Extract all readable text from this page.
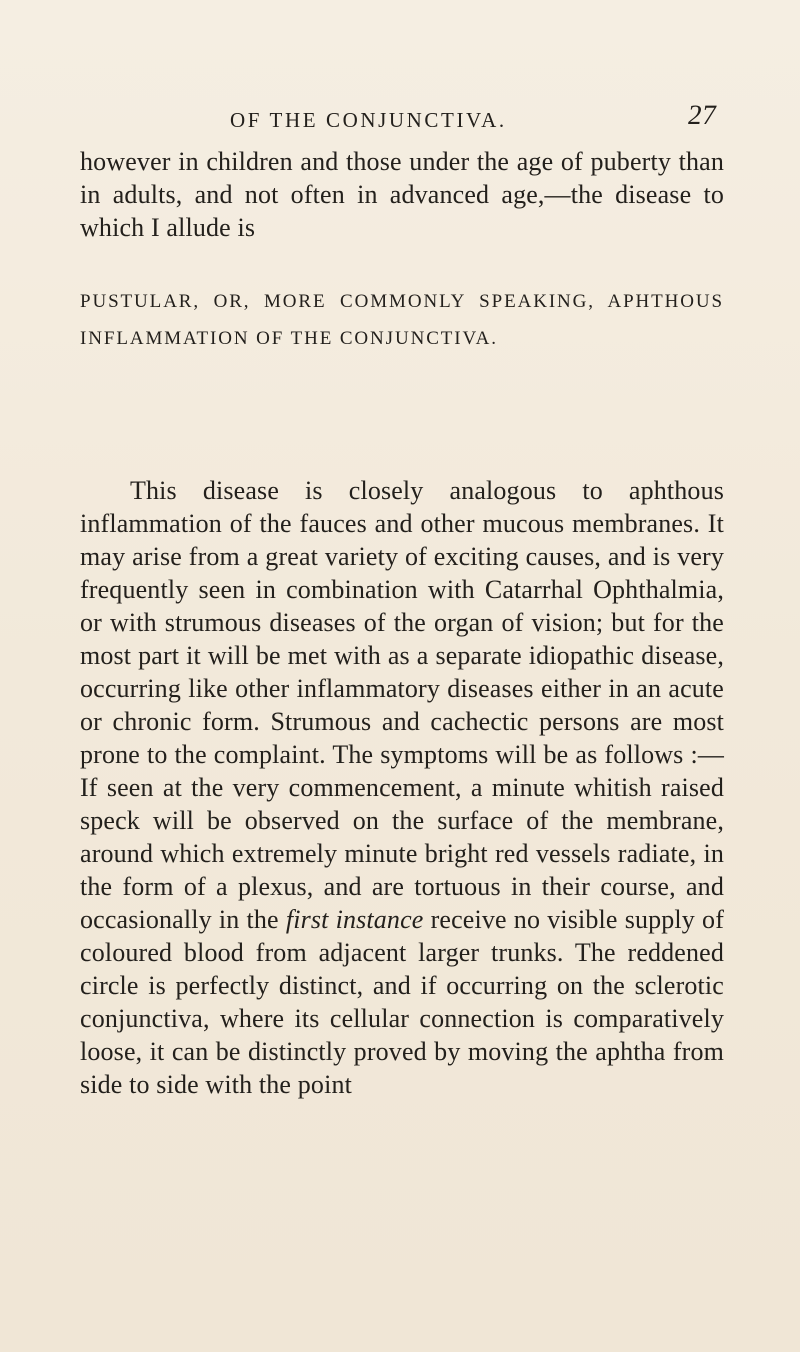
OF THE CONJUNCTIVA.	27

however in children and those under the age of puberty than in adults, and not often in advanced age,—the disease to which I allude is

PUSTULAR, OR, MORE COMMONLY SPEAKING, APHTHOUS INFLAMMATION OF THE CONJUNCTIVA.

This disease is closely analogous to aphthous inflammation of the fauces and other mucous membranes. It may arise from a great variety of exciting causes, and is very frequently seen in combination with Catarrhal Ophthalmia, or with strumous diseases of the organ of vision; but for the most part it will be met with as a separate idiopathic disease, occurring like other inflammatory diseases either in an acute or chronic form. Strumous and cachectic persons are most prone to the complaint. The symptoms will be as follows :—If seen at the very commencement, a minute whitish raised speck will be observed on the surface of the membrane, around which extremely minute bright red vessels radiate, in the form of a plexus, and are tortuous in their course, and occasionally in the first instance receive no visible supply of coloured blood from adjacent larger trunks. The reddened circle is perfectly distinct, and if occurring on the sclerotic conjunctiva, where its cellular connection is comparatively loose, it can be distinctly proved by moving the aphtha from side to side with the point
